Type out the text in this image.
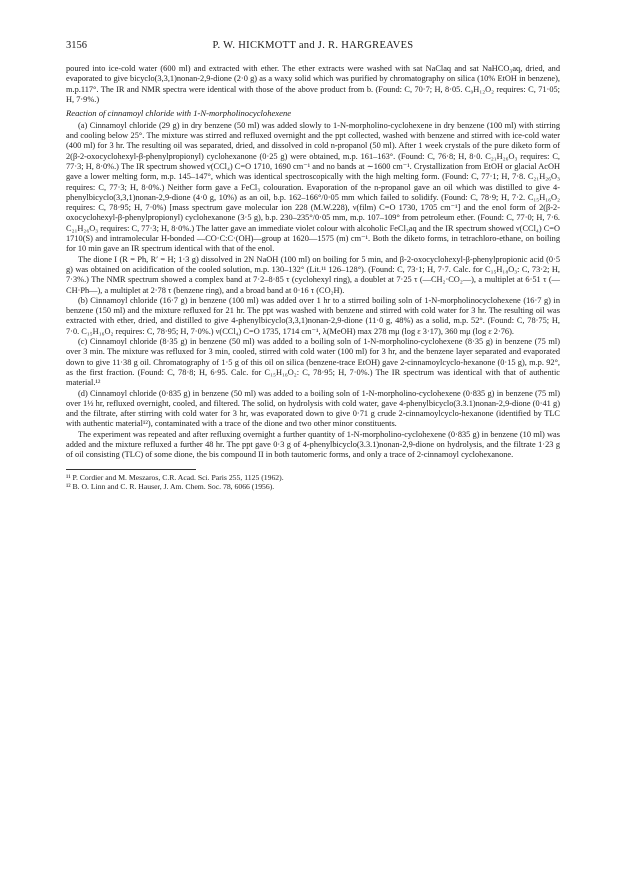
3156	P. W. HICKMOTT and J. R. HARGREAVES

poured into ice-cold water (600 ml) and extracted with ether. The ether extracts were washed with sat NaClaq and sat NaHCO₃aq, dried, and evaporated to give bicyclo(3,3,1)nonan-2,9-dione (2·0 g) as a waxy solid which was purified by chromatography on silica (10% EtOH in benzene), m.p.117°. The IR and NMR spectra were identical with those of the above product from b. (Found: C, 70·7; H, 8·05. C₉H₁₂O₂ requires: C, 71·05; H, 7·9%.)

Reaction of cinnamoyl chloride with 1-N-morpholinocyclohexene

(a) Cinnamoyl chloride (29 g) in dry benzene (50 ml) was added slowly to 1-N-morpholino-cyclohexene in dry benzene (100 ml) with stirring and cooling below 25°. The mixture was stirred and refluxed overnight and the ppt collected, washed with benzene and stirred with ice-cold water (400 ml) for 3 hr. The resulting oil was separated, dried, and dissolved in cold n-propanol (50 ml). After 1 week crystals of the pure diketo form of 2(β-2-oxocyclohexyl-β-phenylpropionyl) cyclohexanone (0·25 g) were obtained, m.p. 161–163°. (Found: C, 76·8; H, 8·0. C₂₁H₂₆O₃ requires: C, 77·3; H, 8·0%.) The IR spectrum showed ν(CCl₄) C=O 1710, 1690 cm⁻¹ and no bands at ∼1600 cm⁻¹. Crystallization from EtOH or glacial AcOH gave a lower melting form, m.p. 145–147°, which was identical spectroscopically with the high melting form. (Found: C, 77·1; H, 7·8. C₂₁H₂₆O₃ requires: C, 77·3; H, 8·0%.) Neither form gave a FeCl₃ colouration. Evaporation of the n-propanol gave an oil which was distilled to give 4-phenylbicyclo(3,3,1)nonan-2,9-dione (4·0 g, 10%) as an oil, b.p. 162–166°/0·05 mm which failed to solidify. (Found: C, 78·9; H, 7·2. C₁₅H₁₆O₂ requires: C, 78·95; H, 7·0%) [mass spectrum gave molecular ion 228 (M.W.228), ν(film) C=O 1730, 1705 cm⁻¹] and the enol form of 2(β-2-oxocyclohexyl-β-phenylpropionyl) cyclohexanone (3·5 g), b.p. 230–235°/0·05 mm, m.p. 107–109° from petroleum ether. (Found: C, 77·0; H, 7·6. C₂₁H₂₆O₃ requires: C, 77·3; H, 8·0%.) The latter gave an immediate violet colour with alcoholic FeCl₃aq and the IR spectrum showed ν(CCl₄) C=O 1710(S) and intramolecular H-bonded —CO·C:C·(OH)—group at 1620—1575 (m) cm⁻¹. Both the diketo forms, in tetrachloro-ethane, on boiling for 10 min gave an IR spectrum identical with that of the enol.

The dione I (R = Ph, R′ = H; 1·3 g) dissolved in 2N NaOH (100 ml) on boiling for 5 min, and β-2-oxocyclohexyl-β-phenylpropionic acid (0·5 g) was obtained on acidification of the cooled solution, m.p. 130–132° (Lit.¹¹ 126–128°). (Found: C, 73·1; H, 7·7. Calc. for C₁₅H₁₈O₃: C, 73·2; H, 7·3%.) The NMR spectrum showed a complex band at 7·2–8·85 τ (cyclohexyl ring), a doublet at 7·25 τ (—CH₂·CO₂—), a multiplet at 6·51 τ (—CH·Ph—), a multiplet at 2·78 τ (benzene ring), and a broad band at 0·16 τ (CO₂H).

(b) Cinnamoyl chloride (16·7 g) in benzene (100 ml) was added over 1 hr to a stirred boiling soln of 1-N-morpholinocyclohexene (16·7 g) in benzene (150 ml) and the mixture refluxed for 21 hr. The ppt was washed with benzene and stirred with cold water for 3 hr. The resulting oil was extracted with ether, dried, and distilled to give 4-phenylbicyclo(3,3,1)nonan-2,9-dione (11·0 g, 48%) as a solid, m.p. 52°. (Found: C, 78·75; H, 7·0. C₁₅H₁₆O₂ requires: C, 78·95; H, 7·0%.) ν(CCl₄) C=O 1735, 1714 cm⁻¹, λ(MeOH) max 278 mμ (log ε 3·17), 360 mμ (log ε 2·76).

(c) Cinnamoyl chloride (8·35 g) in benzene (50 ml) was added to a boiling soln of 1-N-morpholino-cyclohexene (8·35 g) in benzene (75 ml) over 3 min. The mixture was refluxed for 3 min, cooled, stirred with cold water (100 ml) for 3 hr, and the benzene layer separated and evaporated down to give 11·38 g oil. Chromatography of 1·5 g of this oil on silica (benzene-trace EtOH) gave 2-cinnamoylcyclo-hexanone (0·15 g), m.p. 92°, as the first fraction. (Found: C, 78·8; H, 6·95. Calc. for C₁₅H₁₆O₂: C, 78·95; H, 7·0%.) The IR spectrum was identical with that of authentic material.¹²

(d) Cinnamoyl chloride (0·835 g) in benzene (50 ml) was added to a boiling soln of 1-N-morpholino-cyclohexene (0·835 g) in benzene (75 ml) over 1½ hr, refluxed overnight, cooled, and filtered. The solid, on hydrolysis with cold water, gave 4-phenylbicyclo(3.3.1)nonan-2,9-dione (0·41 g) and the filtrate, after stirring with cold water for 3 hr, was evaporated down to give 0·71 g crude 2-cinnamoylcyclo-hexanone (identified by TLC with authentic material¹²), contaminated with a trace of the dione and two other minor constituents.

The experiment was repeated and after refluxing overnight a further quantity of 1-N-morpholino-cyclohexene (0·835 g) in benzene (10 ml) was added and the mixture refluxed a further 48 hr. The ppt gave 0·3 g of 4-phenylbicyclo(3.3.1)nonan-2,9-dione on hydrolysis, and the filtrate 1·23 g of oil consisting (TLC) of some dione, the bis compound II in both tautomeric forms, and only a trace of 2-cinnamoyl cyclohexanone.

¹¹ P. Cordier and M. Meszaros, C.R. Acad. Sci. Paris 255, 1125 (1962).

¹² B. O. Linn and C. R. Hauser, J. Am. Chem. Soc. 78, 6066 (1956).
